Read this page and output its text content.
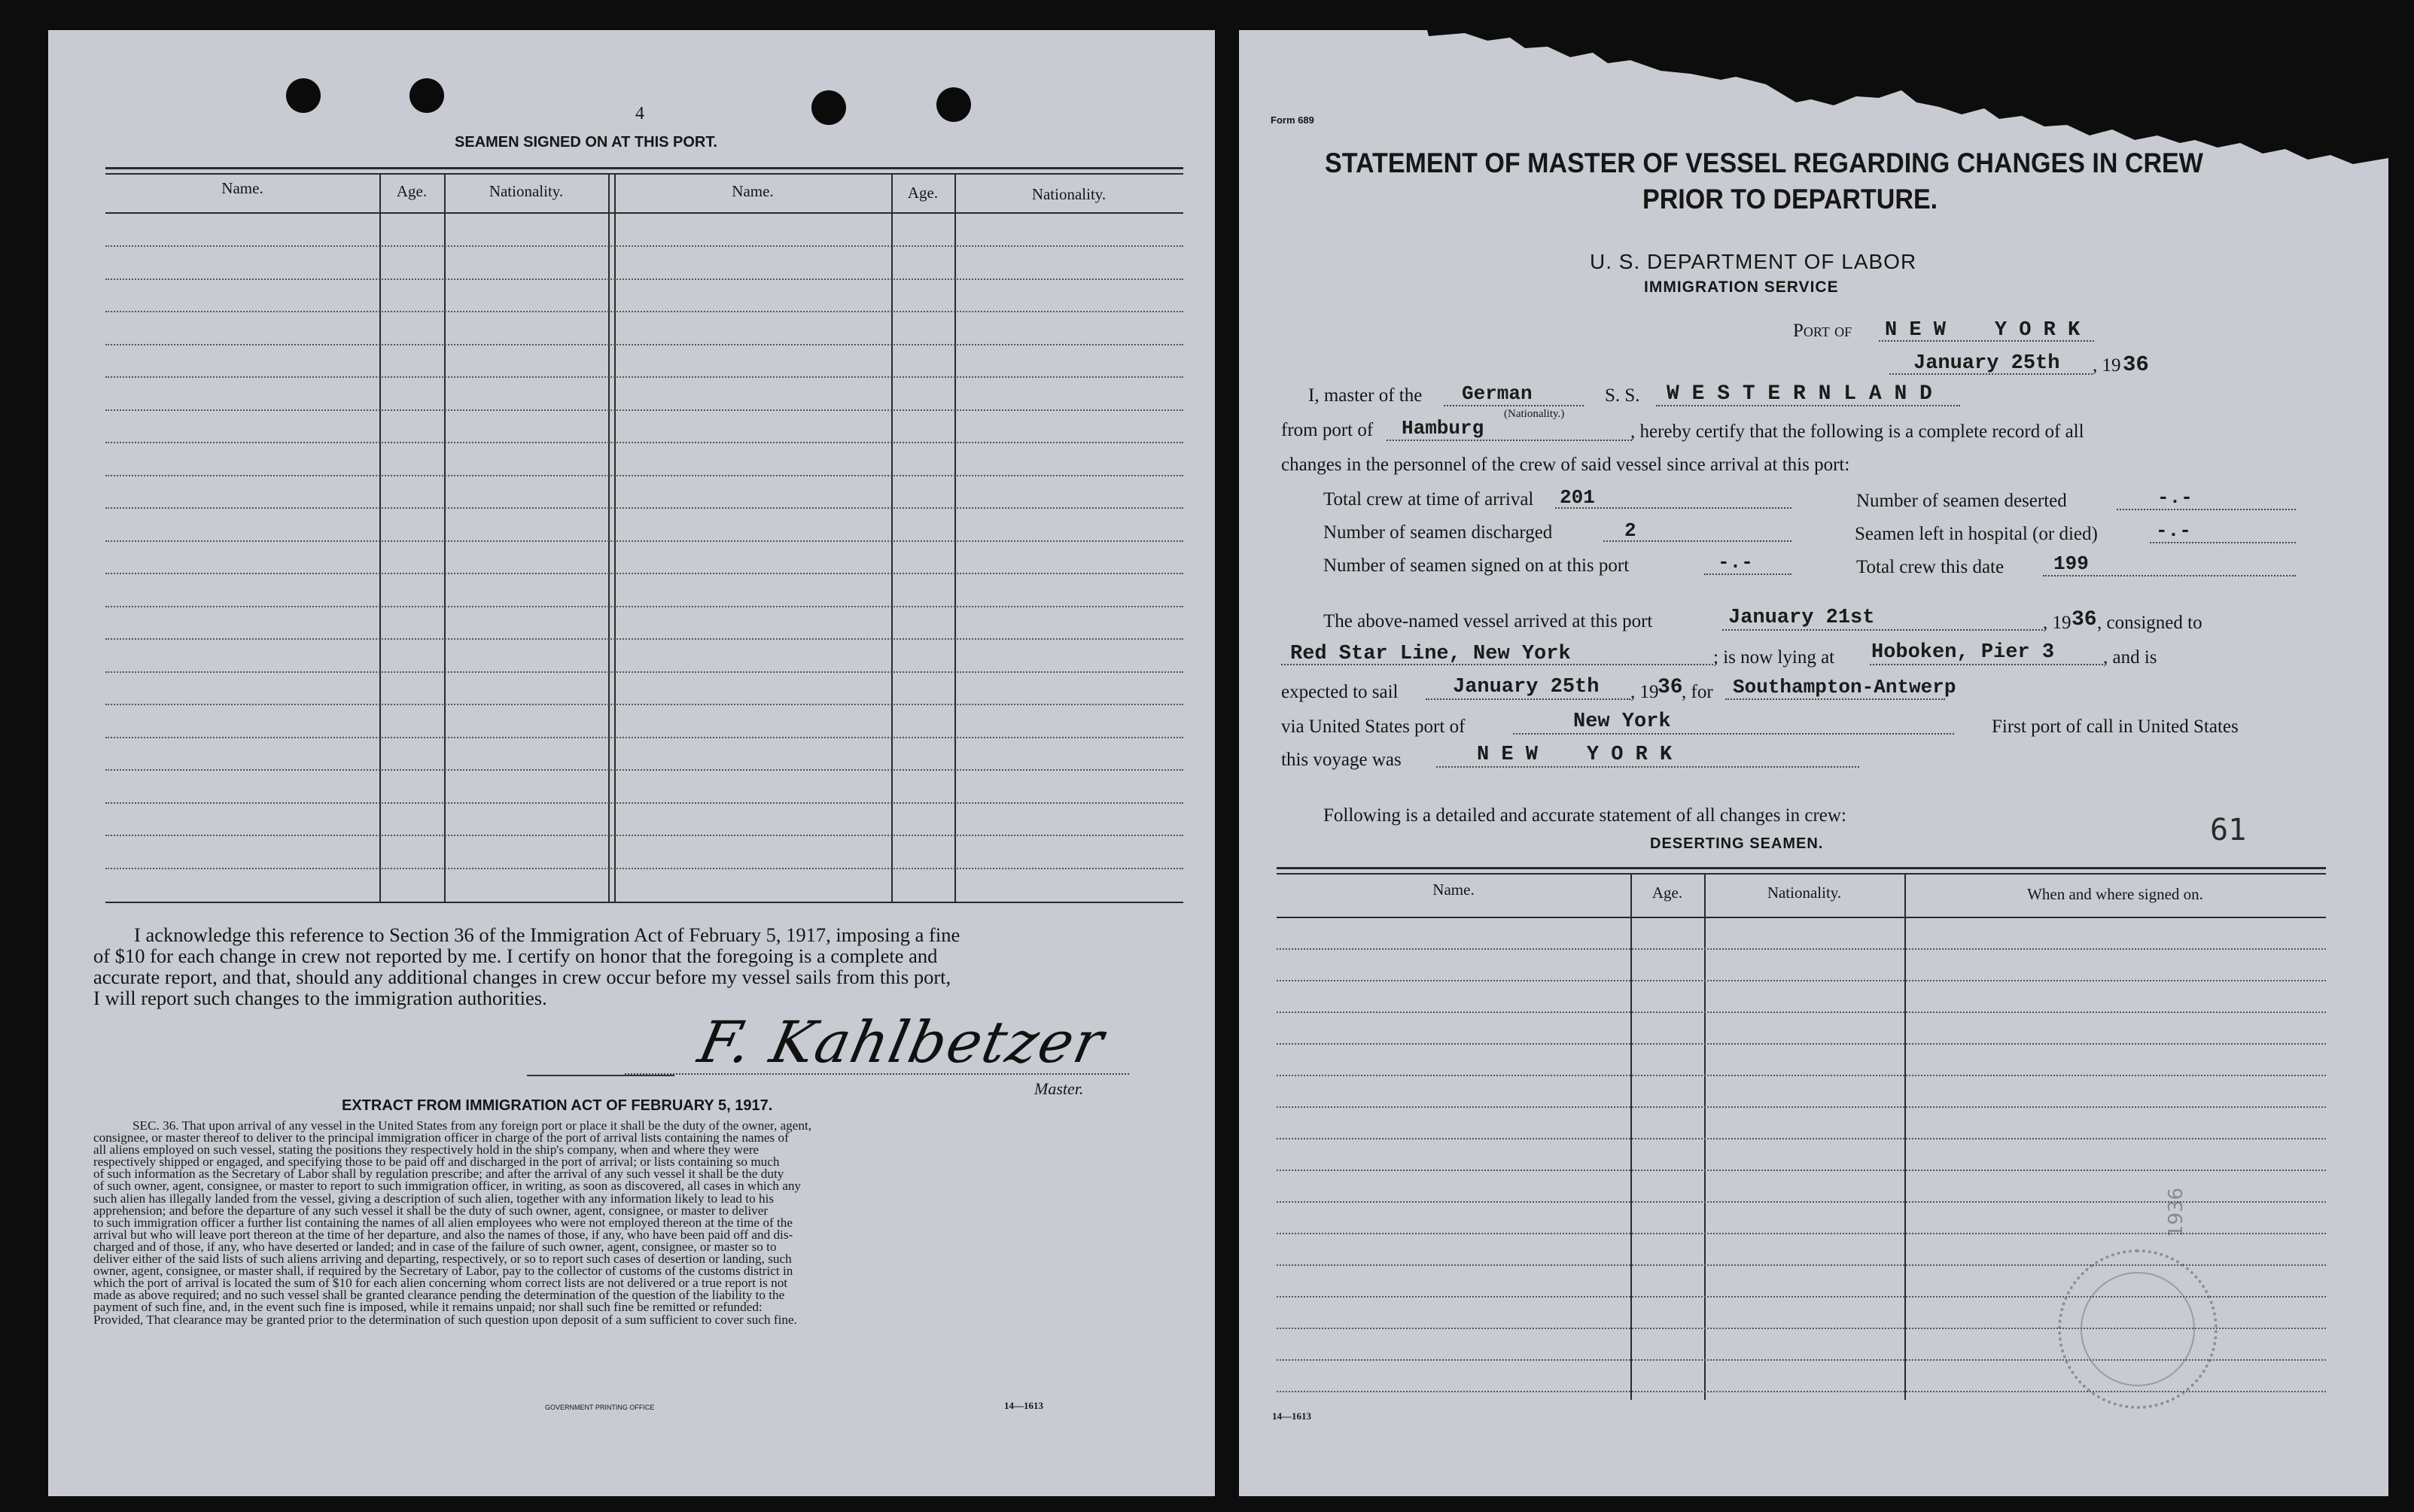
4
SEAMEN SIGNED ON AT THIS PORT.
Name.	Age.	Nationality.	Name.	Age.	Nationality.
I acknowledge this reference to Section 36 of the Immigration Act of February 5, 1917, imposing a fine
of $10 for each change in crew not reported by me. I certify on honor that the foregoing is a complete and
accurate report, and that, should any additional changes in crew occur before my vessel sails from this port,
I will report such changes to the immigration authorities.
F. Kahlbetzer
Master.
EXTRACT FROM IMMIGRATION ACT OF FEBRUARY 5, 1917.
SEC. 36. That upon arrival of any vessel in the United States from any foreign port or place it shall be the duty of the owner, agent,
consignee, or master thereof to deliver to the principal immigration officer in charge of the port of arrival lists containing the names of
all aliens employed on such vessel, stating the positions they respectively hold in the ship's company, when and where they were
respectively shipped or engaged, and specifying those to be paid off and discharged in the port of arrival; or lists containing so much
of such information as the Secretary of Labor shall by regulation prescribe; and after the arrival of any such vessel it shall be the duty
of such owner, agent, consignee, or master to report to such immigration officer, in writing, as soon as discovered, all cases in which any
such alien has illegally landed from the vessel, giving a description of such alien, together with any information likely to lead to his
apprehension; and before the departure of any such vessel it shall be the duty of such owner, agent, consignee, or master to deliver
to such immigration officer a further list containing the names of all alien employees who were not employed thereon at the time of the
arrival but who will leave port thereon at the time of her departure, and also the names of those, if any, who have been paid off and dis-
charged and of those, if any, who have deserted or landed; and in case of the failure of such owner, agent, consignee, or master so to
deliver either of the said lists of such aliens arriving and departing, respectively, or so to report such cases of desertion or landing, such
owner, agent, consignee, or master shall, if required by the Secretary of Labor, pay to the collector of customs of the customs district in
which the port of arrival is located the sum of $10 for each alien concerning whom correct lists are not delivered or a true report is not
made as above required; and no such vessel shall be granted clearance pending the determination of the question of the liability to the
payment of such fine, and, in the event such fine is imposed, while it remains unpaid; nor shall such fine be remitted or refunded:
Provided, That clearance may be granted prior to the determination of such question upon deposit of a sum sufficient to cover such fine.
GOVERNMENT PRINTING OFFICE	14—1613
Form 689
STATEMENT OF MASTER OF VESSEL REGARDING CHANGES IN CREW
PRIOR TO DEPARTURE.
U. S. DEPARTMENT OF LABOR
IMMIGRATION SERVICE
Port of N E W    Y O R K
January 25th , 19 36
I, master of the German
(Nationality.)
S. S. W E S T E R N L A N D
from port of Hamburg	, hereby certify that the following is a complete record of all
changes in the personnel of the crew of said vessel since arrival at this port:
Total crew at time of arrival 201	Number of seamen deserted	-.-
Number of seamen discharged	2	Seamen left in hospital (or died)	-.-
Number of seamen signed on at this port	-.-	Total crew this date	199
The above-named vessel arrived at this port	January 21st	, 19 36 , consigned to
Red Star Line, New York	; is now lying at Hoboken, Pier 3	, and is
expected to sail	January 25th , 19
36
, for Southampton-Antwerp
via United States port of	New York	First port of call in United States
this voyage was	N E W    Y O R K
Following is a detailed and accurate statement of all changes in crew:	61
DESERTING SEAMEN.
Name.	Age.	Nationality.	When and where signed on.
1936
14—1613
